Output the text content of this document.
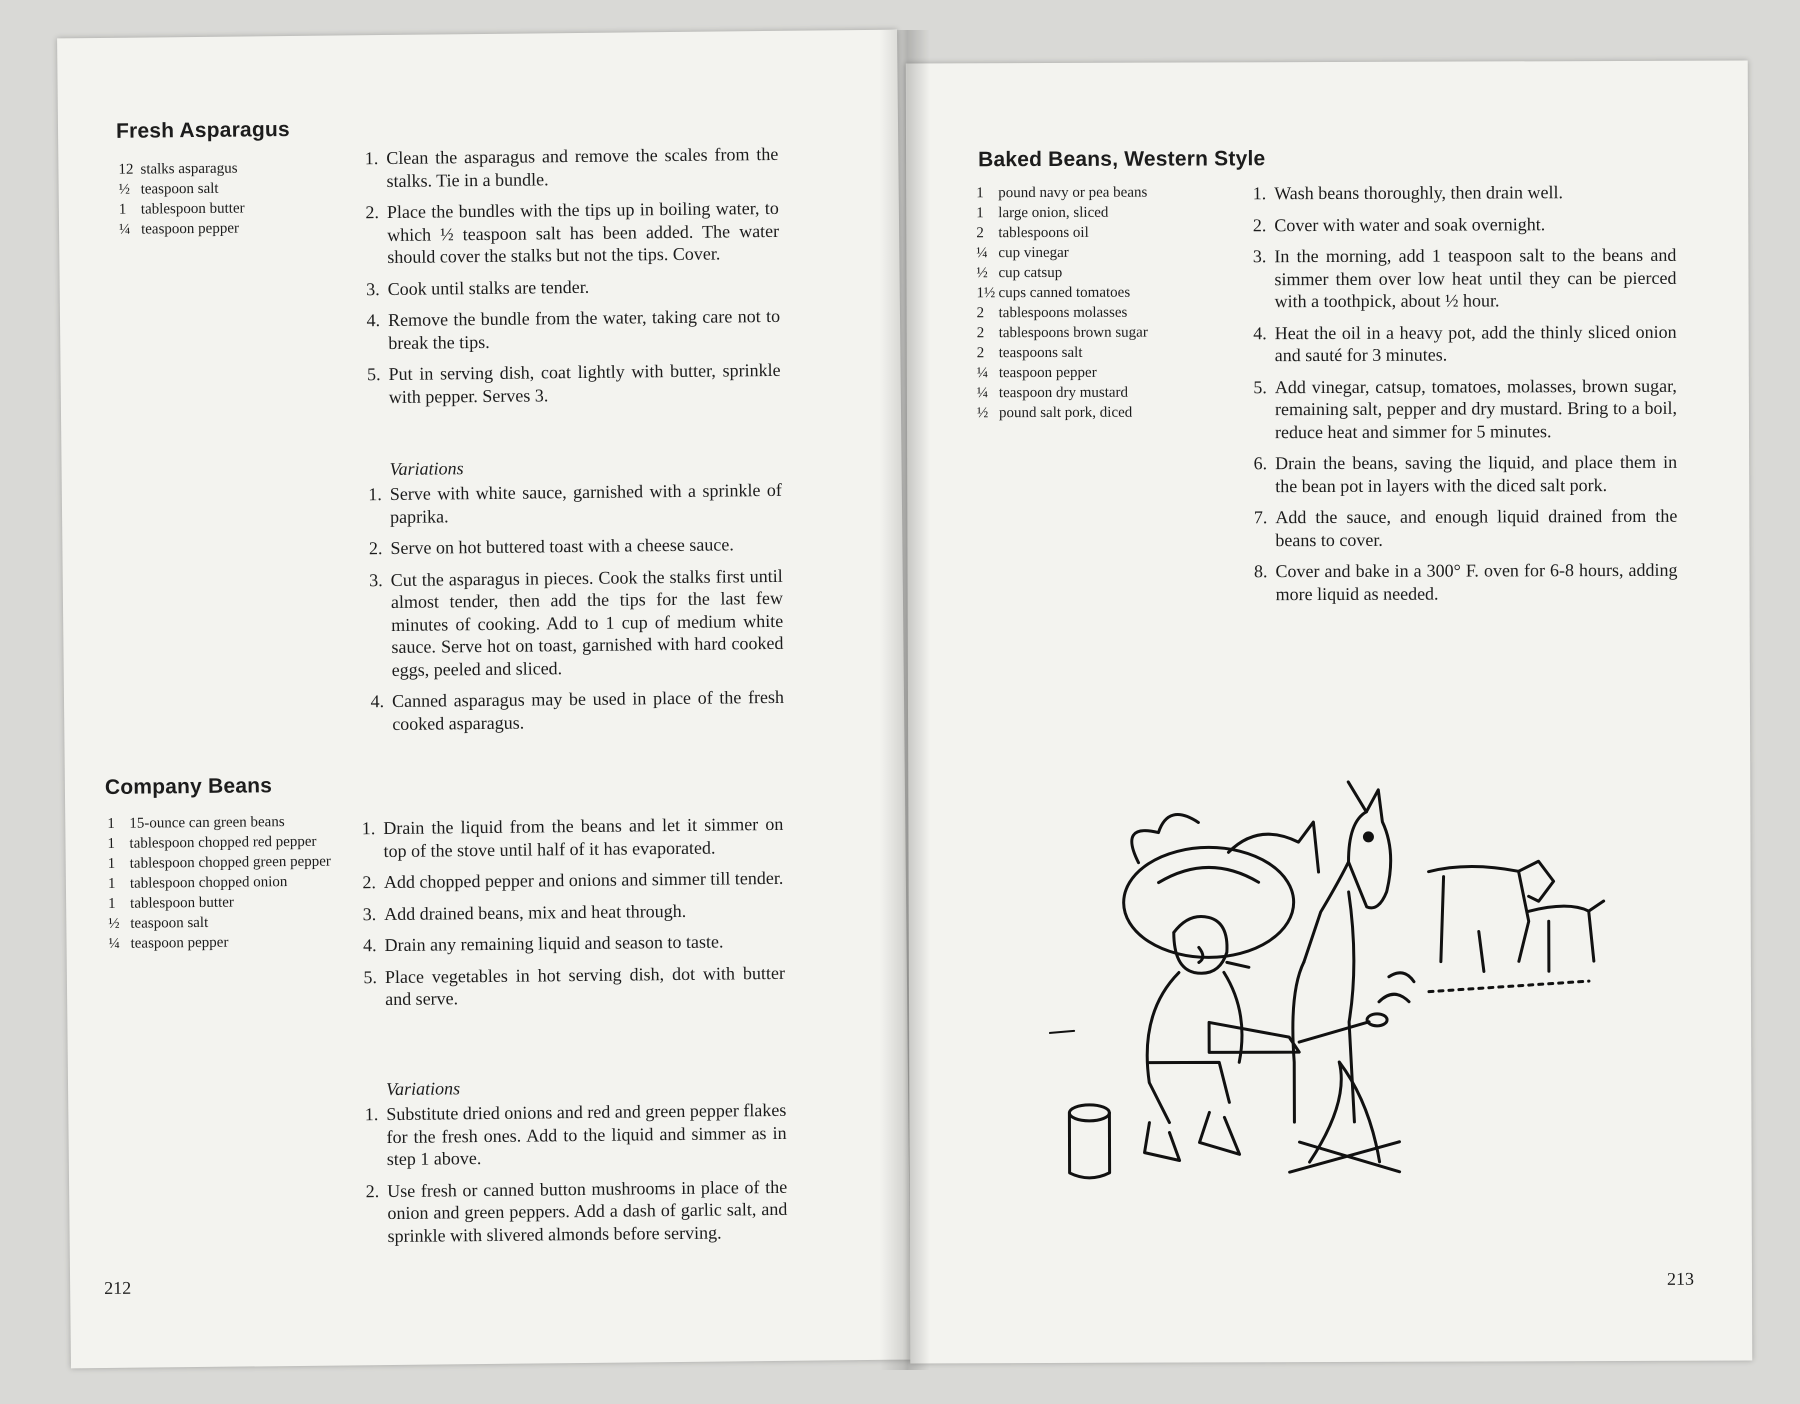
Fresh Asparagus
12 stalks asparagus
½ teaspoon salt
1 tablespoon butter
¼ teaspoon pepper
1. Clean the asparagus and remove the scales from the stalks. Tie in a bundle.
2. Place the bundles with the tips up in boiling water, to which ½ teaspoon salt has been added. The water should cover the stalks but not the tips. Cover.
3. Cook until stalks are tender.
4. Remove the bundle from the water, taking care not to break the tips.
5. Put in serving dish, coat lightly with butter, sprinkle with pepper. Serves 3.

Variations

1. Serve with white sauce, garnished with a sprinkle of paprika.
2. Serve on hot buttered toast with a cheese sauce.
3. Cut the asparagus in pieces. Cook the stalks first until almost tender, then add the tips for the last few minutes of cooking. Add to 1 cup of medium white sauce. Serve hot on toast, garnished with hard cooked eggs, peeled and sliced.
4. Canned asparagus may be used in place of the fresh cooked asparagus.
Company Beans
1 15-ounce can green beans
1 tablespoon chopped red pepper
1 tablespoon chopped green pepper
1 tablespoon chopped onion
1 tablespoon butter
½ teaspoon salt
¼ teaspoon pepper
1. Drain the liquid from the beans and let it simmer on top of the stove until half of it has evaporated.
2. Add chopped pepper and onions and simmer till tender.
3. Add drained beans, mix and heat through.
4. Drain any remaining liquid and season to taste.
5. Place vegetables in hot serving dish, dot with butter and serve.

Variations

1. Substitute dried onions and red and green pepper flakes for the fresh ones. Add to the liquid and simmer as in step 1 above.
2. Use fresh or canned button mushrooms in place of the onion and green peppers. Add a dash of garlic salt, and sprinkle with slivered almonds before serving.
212
Baked Beans, Western Style
1 pound navy or pea beans
1 large onion, sliced
2 tablespoons oil
¼ cup vinegar
½ cup catsup
1½ cups canned tomatoes
2 tablespoons molasses
2 tablespoons brown sugar
2 teaspoons salt
¼ teaspoon pepper
¼ teaspoon dry mustard
½ pound salt pork, diced
1. Wash beans thoroughly, then drain well.
2. Cover with water and soak overnight.
3. In the morning, add 1 teaspoon salt to the beans and simmer them over low heat until they can be pierced with a toothpick, about ½ hour.
4. Heat the oil in a heavy pot, add the thinly sliced onion and sauté for 3 minutes.
5. Add vinegar, catsup, tomatoes, molasses, brown sugar, remaining salt, pepper and dry mustard. Bring to a boil, reduce heat and simmer for 5 minutes.
6. Drain the beans, saving the liquid, and place them in the bean pot in layers with the diced salt pork.
7. Add the sauce, and enough liquid drained from the beans to cover.
8. Cover and bake in a 300° F. oven for 6-8 hours, adding more liquid as needed.
213
